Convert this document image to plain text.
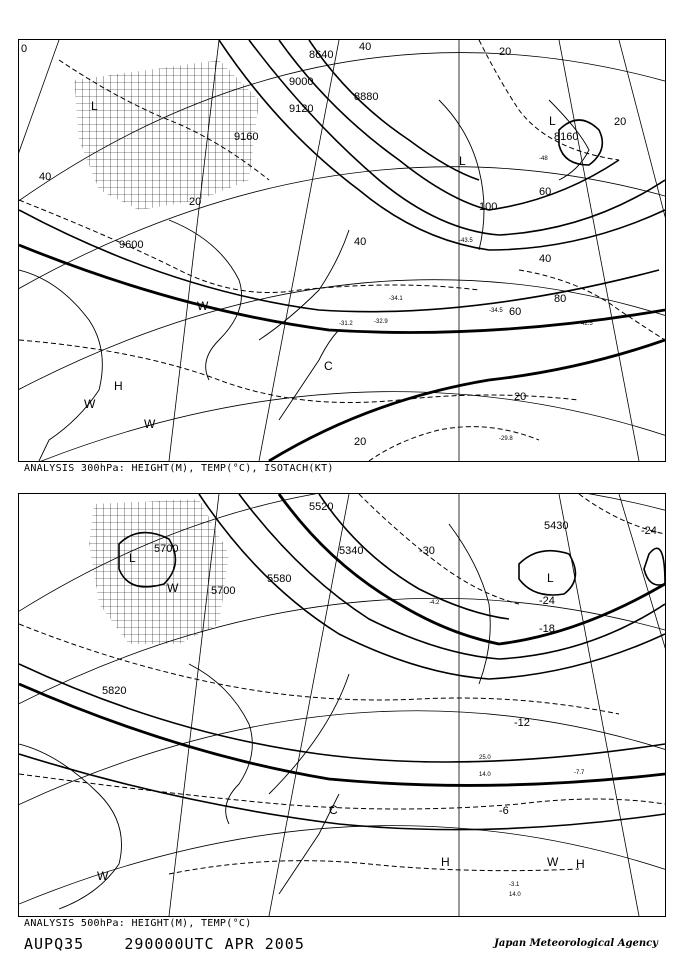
9600
9120
8880
8640
8160
9160
9000
40
20
60
80
100
40
20
40
60
20
40
20
20
-29.8
-34.1
-31.2	-32.9
-34.5
-42.5
-43.5
-48
L
L
L
H
W
W
W
C
0
ANALYSIS 300hPa: HEIGHT(M), TEMP(°C), ISOTACH(KT)
5700
5700
5580
5430
5820
5520
5340	-30
-24
-18
-12
-6
-24
-4.2
-7.7
-3.1
14.0
25.0
14.0
L
L
W
H	H
W
W
C
ANALYSIS 500hPa: HEIGHT(M), TEMP(°C)
AUPQ35	290000UTC APR 2005	Japan Meteorological Agency
